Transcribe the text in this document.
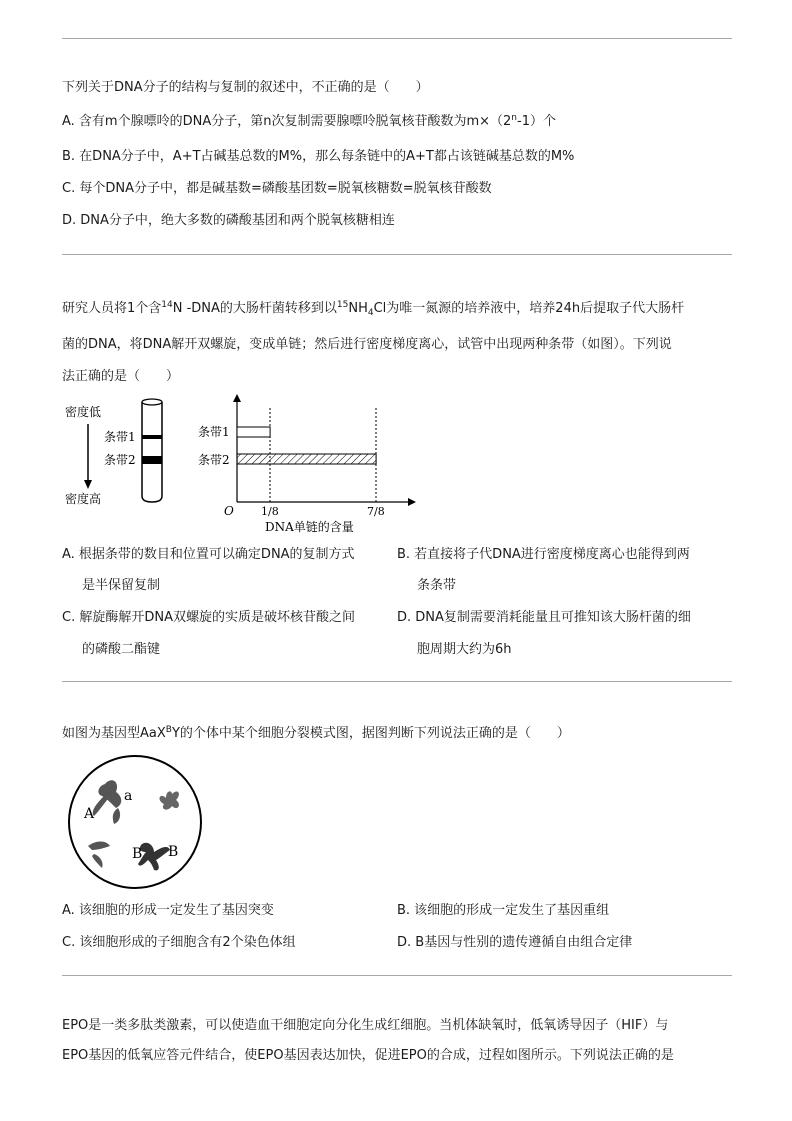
下列关于DNA分子的结构与复制的叙述中，不正确的是（　　）
A. 含有m个腺嘌呤的DNA分子，第n次复制需要腺嘌呤脱氧核苷酸数为$m\times(2^n-1)$个
B. 在DNA分子中，A+T占碱基总数的M%，那么每条链中的A+T都占该链碱基总数的M%
C. 每个DNA分子中，都是碱基数=磷酸基团数=脱氧核糖数=脱氧核苷酸数
D. DNA分子中，绝大多数的磷酸基团和两个脱氧核糖相连
研究人员将1个含$^{14}$N -DNA的大肠杆菌转移到以$^{15}NH_4Cl$为唯一氮源的培养液中，培养24h后提取子代大肠杆
菌的DNA，将DNA解开双螺旋，变成单链；然后进行密度梯度离心，试管中出现两种条带（如图）。下列说
法正确的是（　　）
密度低
密度高
条带1
条带2
条带1
条带2
O 1/8	7/8
DNA单链的含量
A. 根据条带的数目和位置可以确定DNA的复制方式
是半保留复制
B. 若直接将子代DNA进行密度梯度离心也能得到两
条条带
C. 解旋酶解开DNA双螺旋的实质是破坏核苷酸之间
的磷酸二酯键
D. DNA复制需要消耗能量且可推知该大肠杆菌的细
胞周期大约为6h
如图为基因型AaX$^B$Y的个体中某个细胞分裂模式图，据图判断下列说法正确的是（　　）
A
a
B B
A. 该细胞的形成一定发生了基因突变	B. 该细胞的形成一定发生了基因重组
C. 该细胞形成的子细胞含有2个染色体组	D. B基因与性别的遗传遵循自由组合定律
EPO是一类多肽类激素，可以使造血干细胞定向分化生成红细胞。当机体缺氧时，低氧诱导因子（HIF）与
EPO基因的低氧应答元件结合，使EPO基因表达加快，促进EPO的合成，过程如图所示。下列说法正确的是
